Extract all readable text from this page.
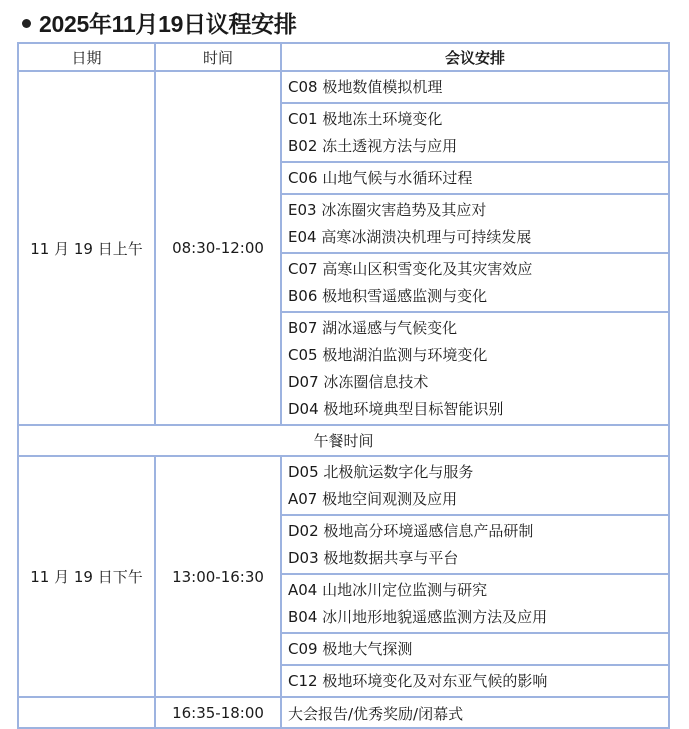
2025年11月19日议程安排
日期	时间	会议安排
11 月 19 日上午	08:30-12:00	C08 极地数值模拟机理

		C01 极地冻土环境变化
B02 冻土透视方法与应用

		C06 山地气候与水循环过程

		E03 冰冻圈灾害趋势及其应对
E04 高寒冰湖溃决机理与可持续发展

		C07 高寒山区积雪变化及其灾害效应
B06 极地积雪遥感监测与变化

		B07 湖冰遥感与气候变化
C05 极地湖泊监测与环境变化
D07 冰冻圈信息技术
D04 极地环境典型目标智能识别

午餐时间		
11 月 19 日下午	13:00-16:30	D05 北极航运数字化与服务
A07 极地空间观测及应用

		D02 极地高分环境遥感信息产品研制
D03 极地数据共享与平台

		A04 山地冰川定位监测与研究
B04 冰川地形地貌遥感监测方法及应用

		C09 极地大气探测

		C12 极地环境变化及对东亚气候的影响

	16:35-18:00	大会报告/优秀奖励/闭幕式
